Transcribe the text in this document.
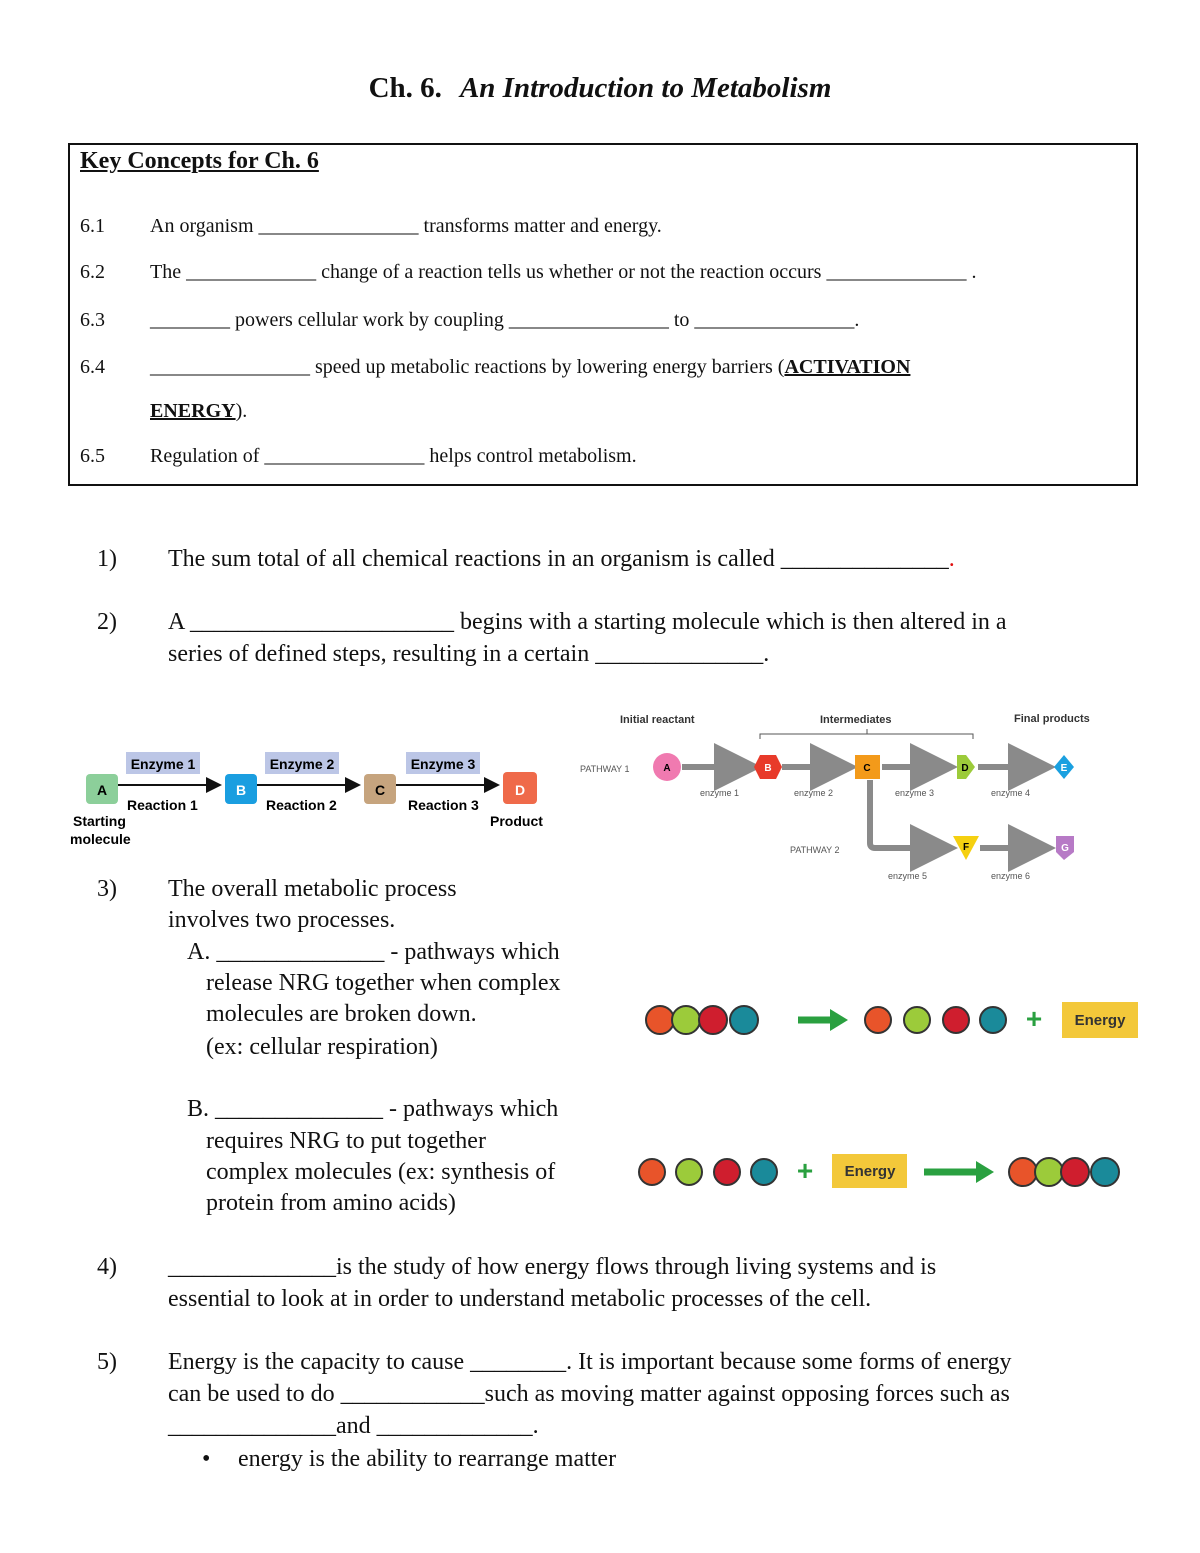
Ch. 6. An Introduction to Metabolism
Key Concepts for Ch. 6
6.1 An organism ________________ transforms matter and energy.
6.2 The _____________ change of a reaction tells us whether or not the reaction occurs ______________ .
6.3 ________ powers cellular work by coupling ________________ to ________________.
6.4 ________________ speed up metabolic reactions by lowering energy barriers (ACTIVATION
ENERGY).
6.5 Regulation of ________________ helps control metabolism.
1) The sum total of all chemical reactions in an organism is called ______________.
2) A ______________________ begins with a starting molecule which is then altered in a
series of defined steps, resulting in a certain ______________.
Enzyme 1	Enzyme 2	Enzyme 3
A	B	C	D
Reaction 1	Reaction 2	Reaction 3
Starting
molecule
Product
Initial reactant	Intermediates	Final products
PATHWAY 1
PATHWAY 2
A	B	C	D	E
F	G
enzyme 1	enzyme 2	enzyme 3	enzyme 4
enzyme 5	enzyme 6
3) The overall metabolic process
involves two processes.
A. ______________ - pathways which
release NRG together when complex
molecules are broken down.
(ex: cellular respiration)
B. ______________ - pathways which
requires NRG to put together
complex molecules (ex: synthesis of
protein from amino acids)
+ Energy
+ Energy
4) ______________is the study of how energy flows through living systems and is
essential to look at in order to understand metabolic processes of the cell.
5) Energy is the capacity to cause ________. It is important because some forms of energy
can be used to do ____________such as moving matter against opposing forces such as
______________and _____________.
• energy is the ability to rearrange matter
